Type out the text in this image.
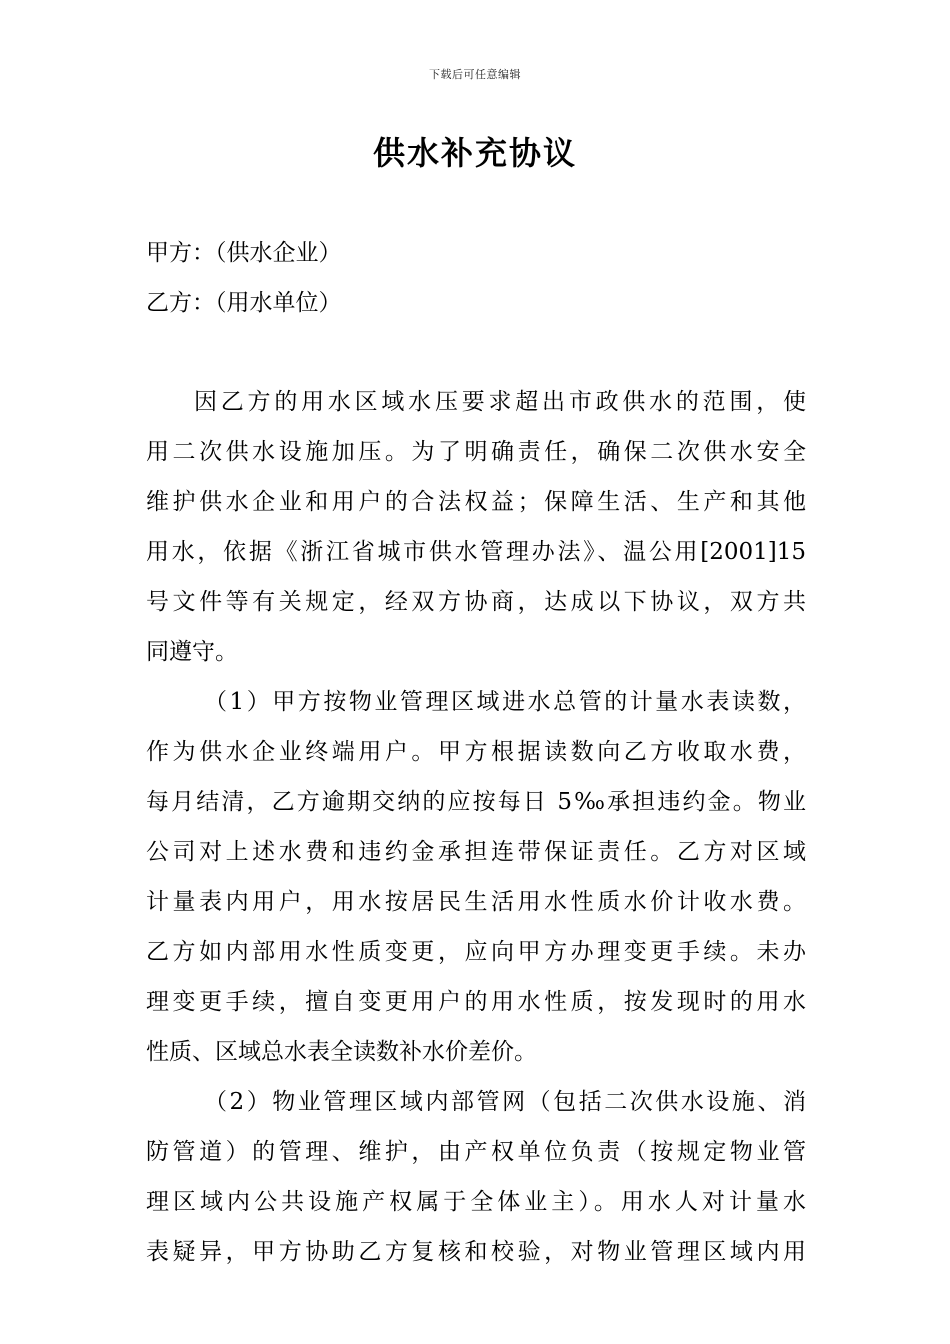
下载后可任意编辑
供水补充协议
甲方：（供水企业）
乙方：（用水单位）
因乙方的用水区域水压要求超出市政供水的范围，使
用二次供水设施加压。为了明确责任，确保二次供水安全
维护供水企业和用户的合法权益；保障生活、生产和其他
用水，依据《浙江省城市供水管理办法》、温公用[2001]15
号文件等有关规定，经双方协商，达成以下协议，双方共
同遵守。
（1）甲方按物业管理区域进水总管的计量水表读数，
作为供水企业终端用户。甲方根据读数向乙方收取水费，
每月结清，乙方逾期交纳的应按每日 5‰承担违约金。物业
公司对上述水费和违约金承担连带保证责任。乙方对区域
计量表内用户，用水按居民生活用水性质水价计收水费。
乙方如内部用水性质变更，应向甲方办理变更手续。未办
理变更手续，擅自变更用户的用水性质，按发现时的用水
性质、区域总水表全读数补水价差价。
（2）物业管理区域内部管网（包括二次供水设施、消
防管道）的管理、维护，由产权单位负责（按规定物业管
理区域内公共设施产权属于全体业主）。用水人对计量水
表疑异，甲方协助乙方复核和校验，对物业管理区域内用
